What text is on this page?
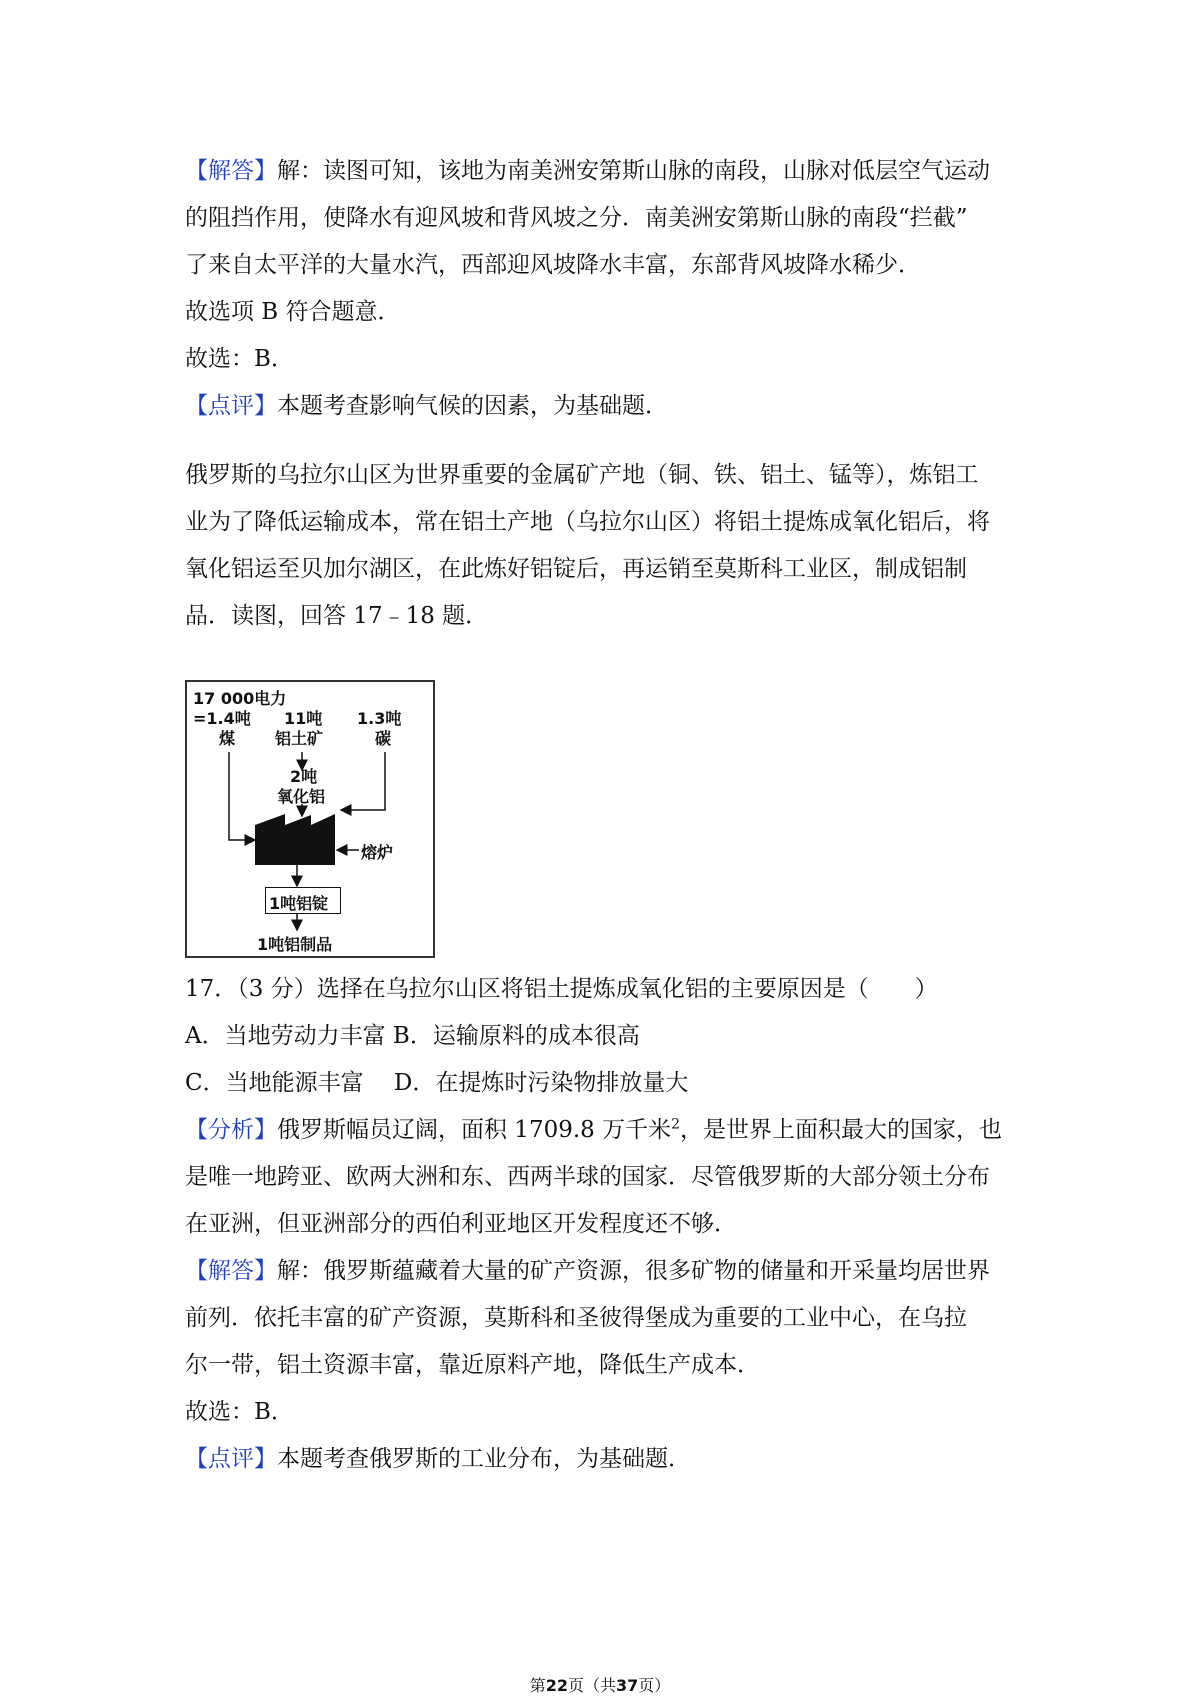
【解答】解：读图可知，该地为南美洲安第斯山脉的南段，山脉对低层空气运动
的阻挡作用，使降水有迎风坡和背风坡之分．南美洲安第斯山脉的南段“拦截”
了来自太平洋的大量水汽，西部迎风坡降水丰富，东部背风坡降水稀少．
故选项 B 符合题意．
故选：B．
【点评】本题考查影响气候的因素，为基础题．
俄罗斯的乌拉尔山区为世界重要的金属矿产地（铜、铁、铝土、锰等），炼铝工
业为了降低运输成本，常在铝土产地（乌拉尔山区）将铝土提炼成氧化铝后，将
氧化铝运至贝加尔湖区，在此炼好铝锭后，再运销至莫斯科工业区，制成铝制
品．读图，回答 17﹣18 题．
17 000电力
=1.4吨
煤
11吨
铝土矿
1.3吨
碳
2吨
氧化铝
熔炉
1吨铝锭
1吨铝制品
17．（3 分）选择在乌拉尔山区将铝土提炼成氧化铝的主要原因是（　　）
A．当地劳动力丰富 B．运输原料的成本很高
C．当地能源丰富　 D．在提炼时污染物排放量大
【分析】俄罗斯幅员辽阔，面积 1709.8 万千米$^2$，是世界上面积最大的国家，也
是唯一地跨亚、欧两大洲和东、西两半球的国家．尽管俄罗斯的大部分领土分布
在亚洲，但亚洲部分的西伯利亚地区开发程度还不够．
【解答】解：俄罗斯蕴藏着大量的矿产资源，很多矿物的储量和开采量均居世界
前列．依托丰富的矿产资源，莫斯科和圣彼得堡成为重要的工业中心，在乌拉
尔一带，铝土资源丰富，靠近原料产地，降低生产成本．
故选：B．
【点评】本题考查俄罗斯的工业分布，为基础题．
第22页（共37页）
